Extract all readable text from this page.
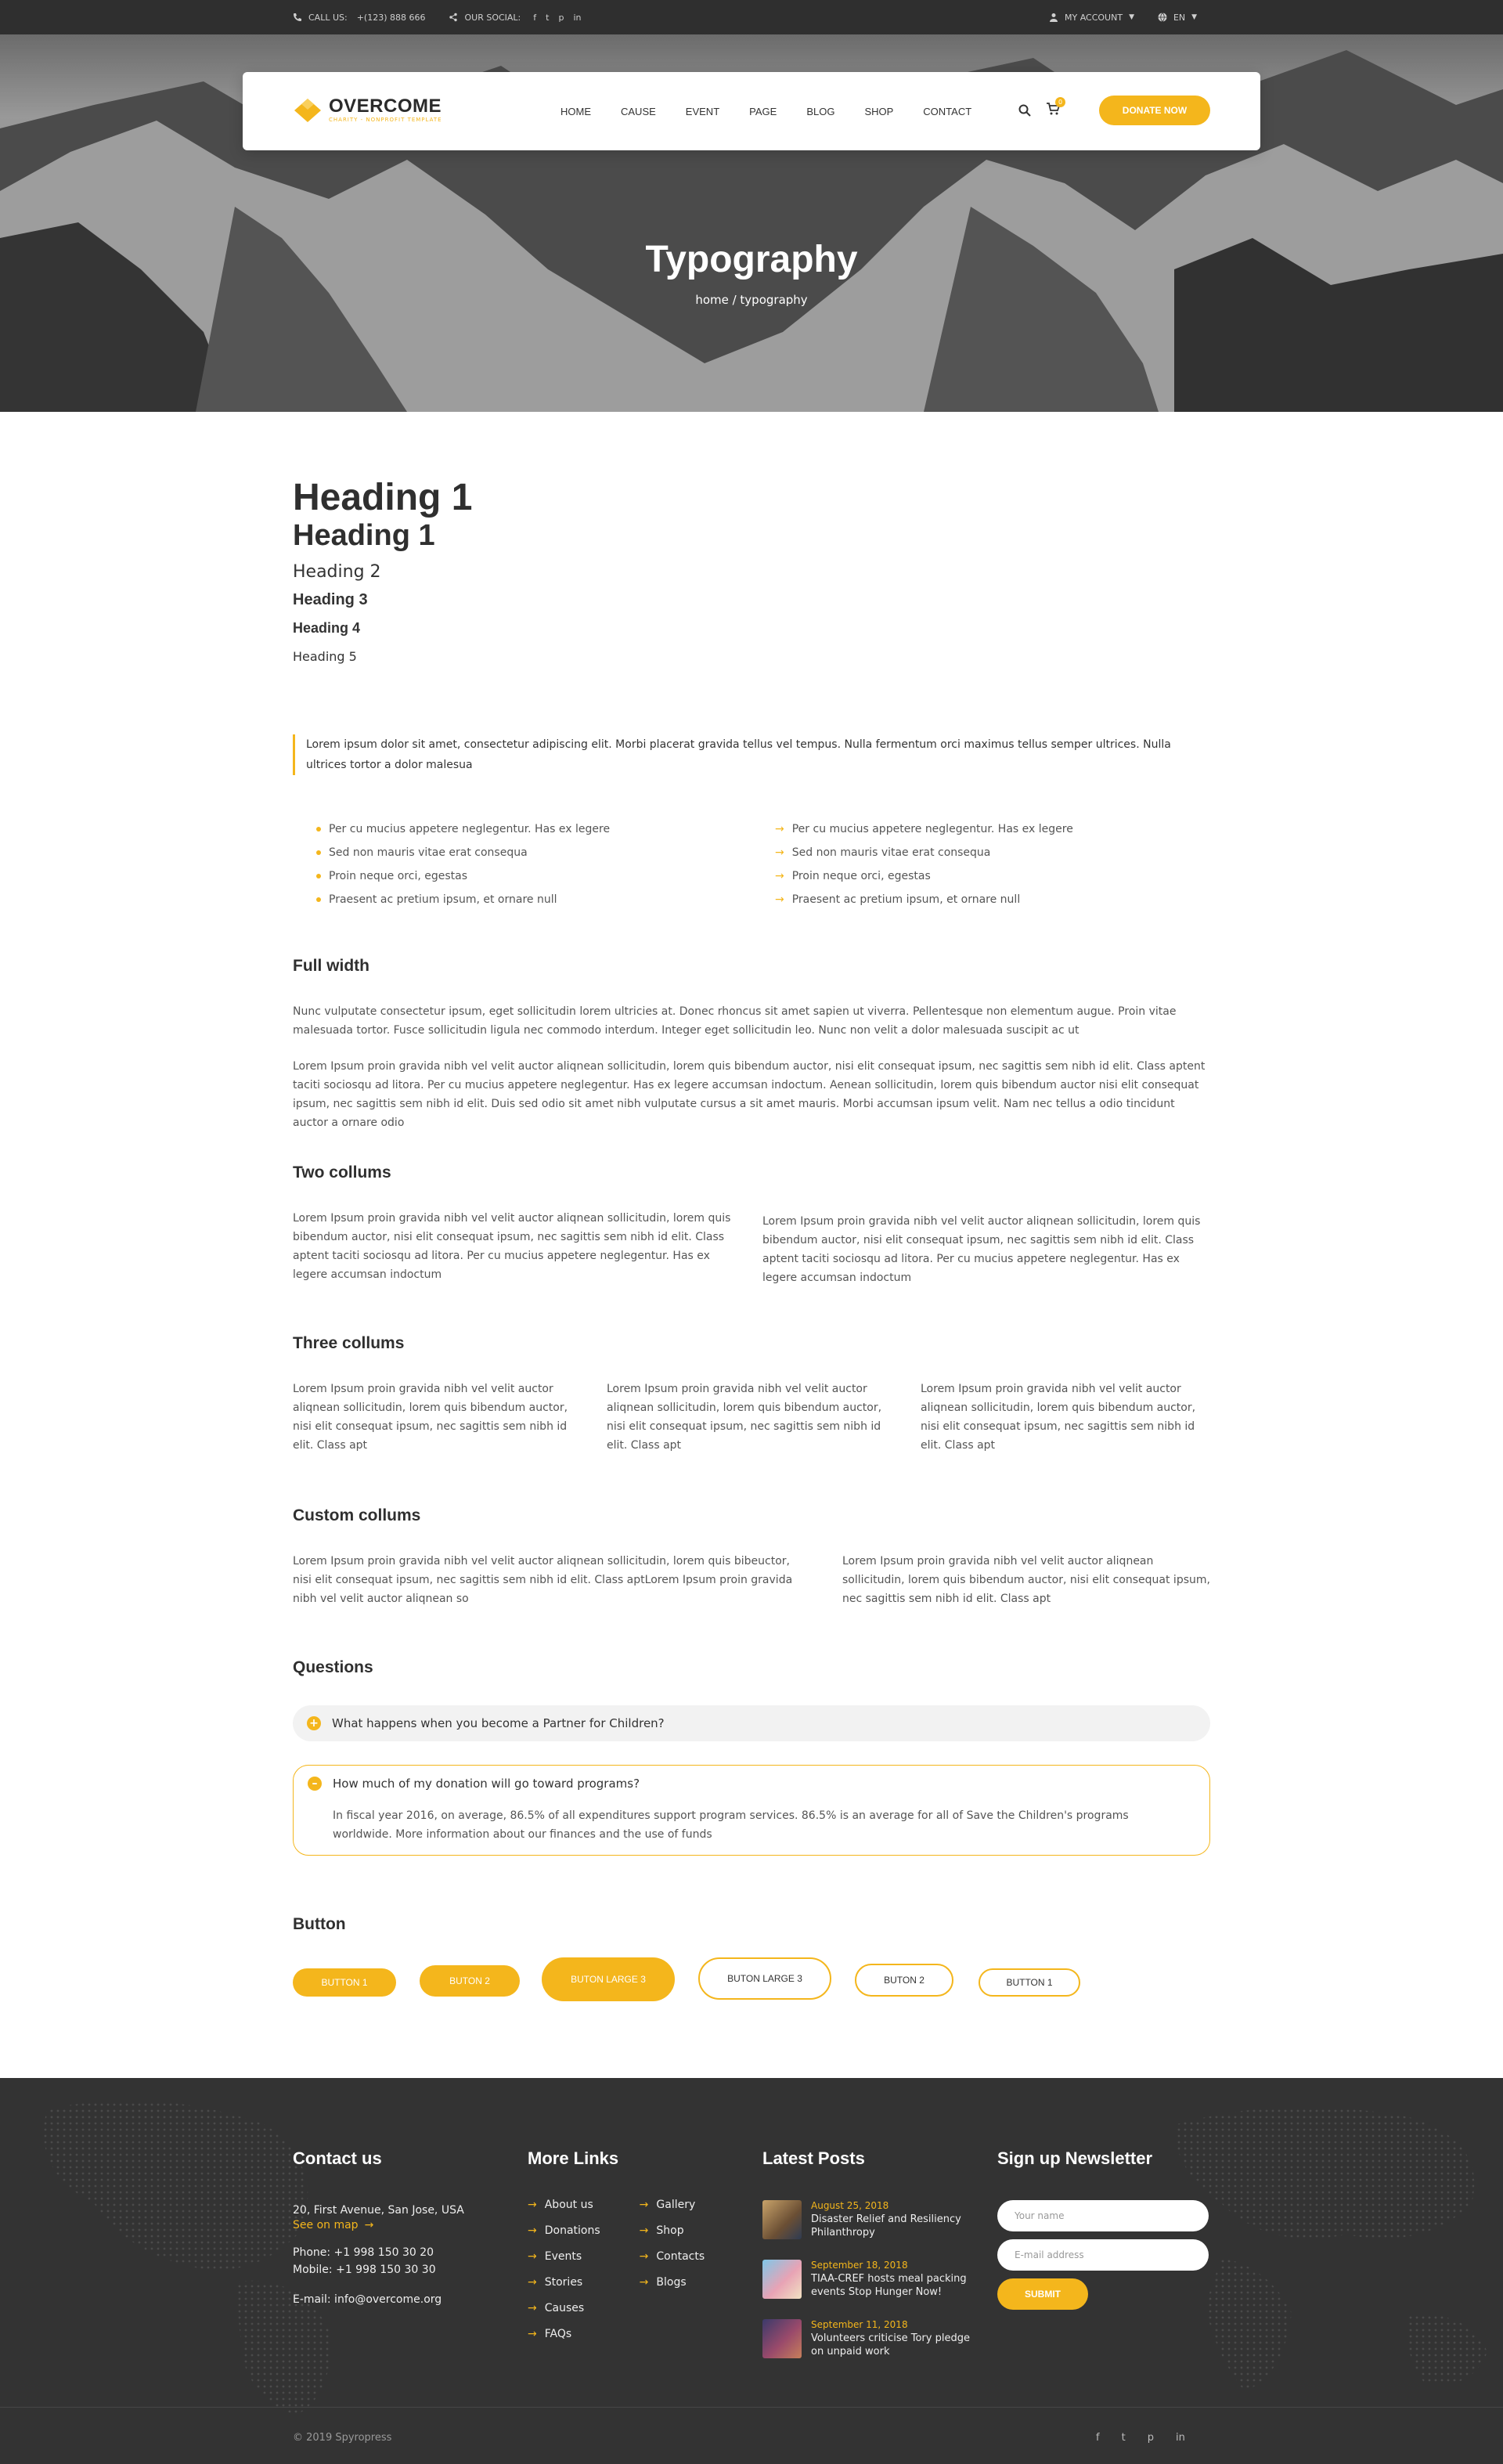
CALL US: +(123) 888 666	OUR SOCIAL: f t p in	MY ACCOUNT ▼	EN ▼
OVERCOME
CHARITY - NONPROFIT TEMPLATE
HOME	CAUSE	EVENT	PAGE	BLOG	SHOP	CONTACT
0
DONATE NOW
Typography
home / typography
Heading 1
Heading 1
Heading 2
Heading 3
Heading 4
Heading 5
Lorem ipsum dolor sit amet, consectetur adipiscing elit. Morbi placerat gravida tellus vel tempus. Nulla fermentum orci maximus tellus semper ultrices. Nulla ultrices tortor a dolor malesua
Per cu mucius appetere neglegentur. Has ex legere
Sed non mauris vitae erat consequa
Proin neque orci, egestas
Praesent ac pretium ipsum, et ornare null
→ Per cu mucius appetere neglegentur. Has ex legere
→ Sed non mauris vitae erat consequa
→ Proin neque orci, egestas
→ Praesent ac pretium ipsum, et ornare null
Full width

Nunc vulputate consectetur ipsum, eget sollicitudin lorem ultricies at. Donec rhoncus sit amet sapien ut viverra. Pellentesque non elementum augue. Proin vitae malesuada tortor. Fusce sollicitudin ligula nec commodo interdum. Integer eget sollicitudin leo. Nunc non velit a dolor malesuada suscipit ac ut

Lorem Ipsum proin gravida nibh vel velit auctor aliqnean sollicitudin, lorem quis bibendum auctor, nisi elit consequat ipsum, nec sagittis sem nibh id elit. Class aptent taciti sociosqu ad litora. Per cu mucius appetere neglegentur. Has ex legere accumsan indoctum. Aenean sollicitudin, lorem quis bibendum auctor nisi elit consequat ipsum, nec sagittis sem nibh id elit. Duis sed odio sit amet nibh vulputate cursus a sit amet mauris. Morbi accumsan ipsum velit. Nam nec tellus a odio tincidunt auctor a ornare odio

Two collums

Lorem Ipsum proin gravida nibh vel velit auctor aliqnean sollicitudin, lorem quis bibendum auctor, nisi elit consequat ipsum, nec sagittis sem nibh id elit. Class aptent taciti sociosqu ad litora. Per cu mucius appetere neglegentur. Has ex legere accumsan indoctum

Lorem Ipsum proin gravida nibh vel velit auctor aliqnean sollicitudin, lorem quis bibendum auctor, nisi elit consequat ipsum, nec sagittis sem nibh id elit. Class aptent taciti sociosqu ad litora. Per cu mucius appetere neglegentur. Has ex legere accumsan indoctum

Three collums

Lorem Ipsum proin gravida nibh vel velit auctor aliqnean sollicitudin, lorem quis bibendum auctor, nisi elit consequat ipsum, nec sagittis sem nibh id elit. Class apt

Lorem Ipsum proin gravida nibh vel velit auctor aliqnean sollicitudin, lorem quis bibendum auctor, nisi elit consequat ipsum, nec sagittis sem nibh id elit. Class apt

Lorem Ipsum proin gravida nibh vel velit auctor aliqnean sollicitudin, lorem quis bibendum auctor, nisi elit consequat ipsum, nec sagittis sem nibh id elit. Class apt

Custom collums

Lorem Ipsum proin gravida nibh vel velit auctor aliqnean sollicitudin, lorem quis bibeuctor, nisi elit consequat ipsum, nec sagittis sem nibh id elit. Class aptLorem Ipsum proin gravida nibh vel velit auctor aliqnean so

Lorem Ipsum proin gravida nibh vel velit auctor aliqnean sollicitudin, lorem quis bibendum auctor, nisi elit consequat ipsum, nec sagittis sem nibh id elit. Class apt

Questions
+ What happens when you become a Partner for Children?
–	How much of my donation will go toward programs?
In fiscal year 2016, on average, 86.5% of all expenditures support program services. 86.5% is an average for all of Save the Children's programs worldwide. More information about our finances and the use of funds
Button
BUTTON 1	BUTON 2	BUTON LARGE 3	BUTON LARGE 3	BUTON 2	BUTTON 1
Contact us
20, First Avenue, San Jose, USA
See on map →
Phone: +1 998 150 30 20
Mobile: +1 998 150 30 30
E-mail: info@overcome.org
More Links
→ About us
→ Donations
→ Events
→ Stories
→ Causes
→ FAQs
→ Gallery
→ Shop
→ Contacts
→ Blogs
Latest Posts
August 25, 2018
Disaster Relief and Resiliency Philanthropy
September 18, 2018
TIAA-CREF hosts meal packing events Stop Hunger Now!
September 11, 2018
Volunteers criticise Tory pledge on unpaid work
Sign up Newsletter
Your name
E-mail address
SUBMIT
© 2019 Spyropress	f t p in
